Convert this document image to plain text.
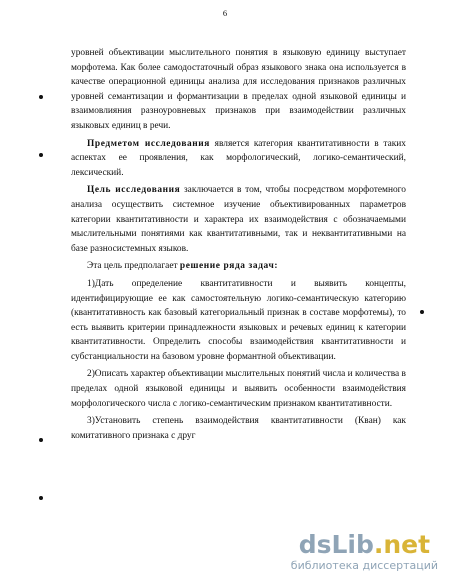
6

уровней объективации мыслительного понятия в языковую единицу выступает морфотема. Как более самодостаточный образ языкового знака она используется в качестве операционной единицы анализа для исследования признаков различных уровней семантизации и формантизации в пределах одной языковой единицы и взаимовлияния разноуровневых признаков при взаимодействии различных языковых единиц в речи.

Предметом исследования является категория квантитативности в таких аспектах ее проявления, как морфологический, логико-семантический, лексический.

Цель исследования заключается в том, чтобы посредством морфотемного анализа осуществить системное изучение объективированных параметров категории квантитативности и характера их взаимодействия с обозначаемыми мыслительными понятиями как квантитативными, так и неквантитативными на базе разносистемных языков.

Эта цель предполагает решение ряда задач:

1)Дать определение квантитативности и выявить концепты, идентифицирующие ее как самостоятельную логико-семантическую категорию (квантитативность как базовый категориальный признак в составе морфотемы), то есть выявить критерии принадлежности языковых и речевых единиц к категории квантитативности. Определить способы взаимодействия квантитативности и субстанциальности на базовом уровне формантной объективации.

2)Описать характер объективации мыслительных понятий числа и количества в пределах одной языковой единицы и выявить особенности взаимодействия морфологического числа с логико-семантическим признаком квантитативности.

3)Установить степень взаимодействия квантитативности (Кван) как комитативного признака с друг

dsLib.net
библиотека диссертаций
